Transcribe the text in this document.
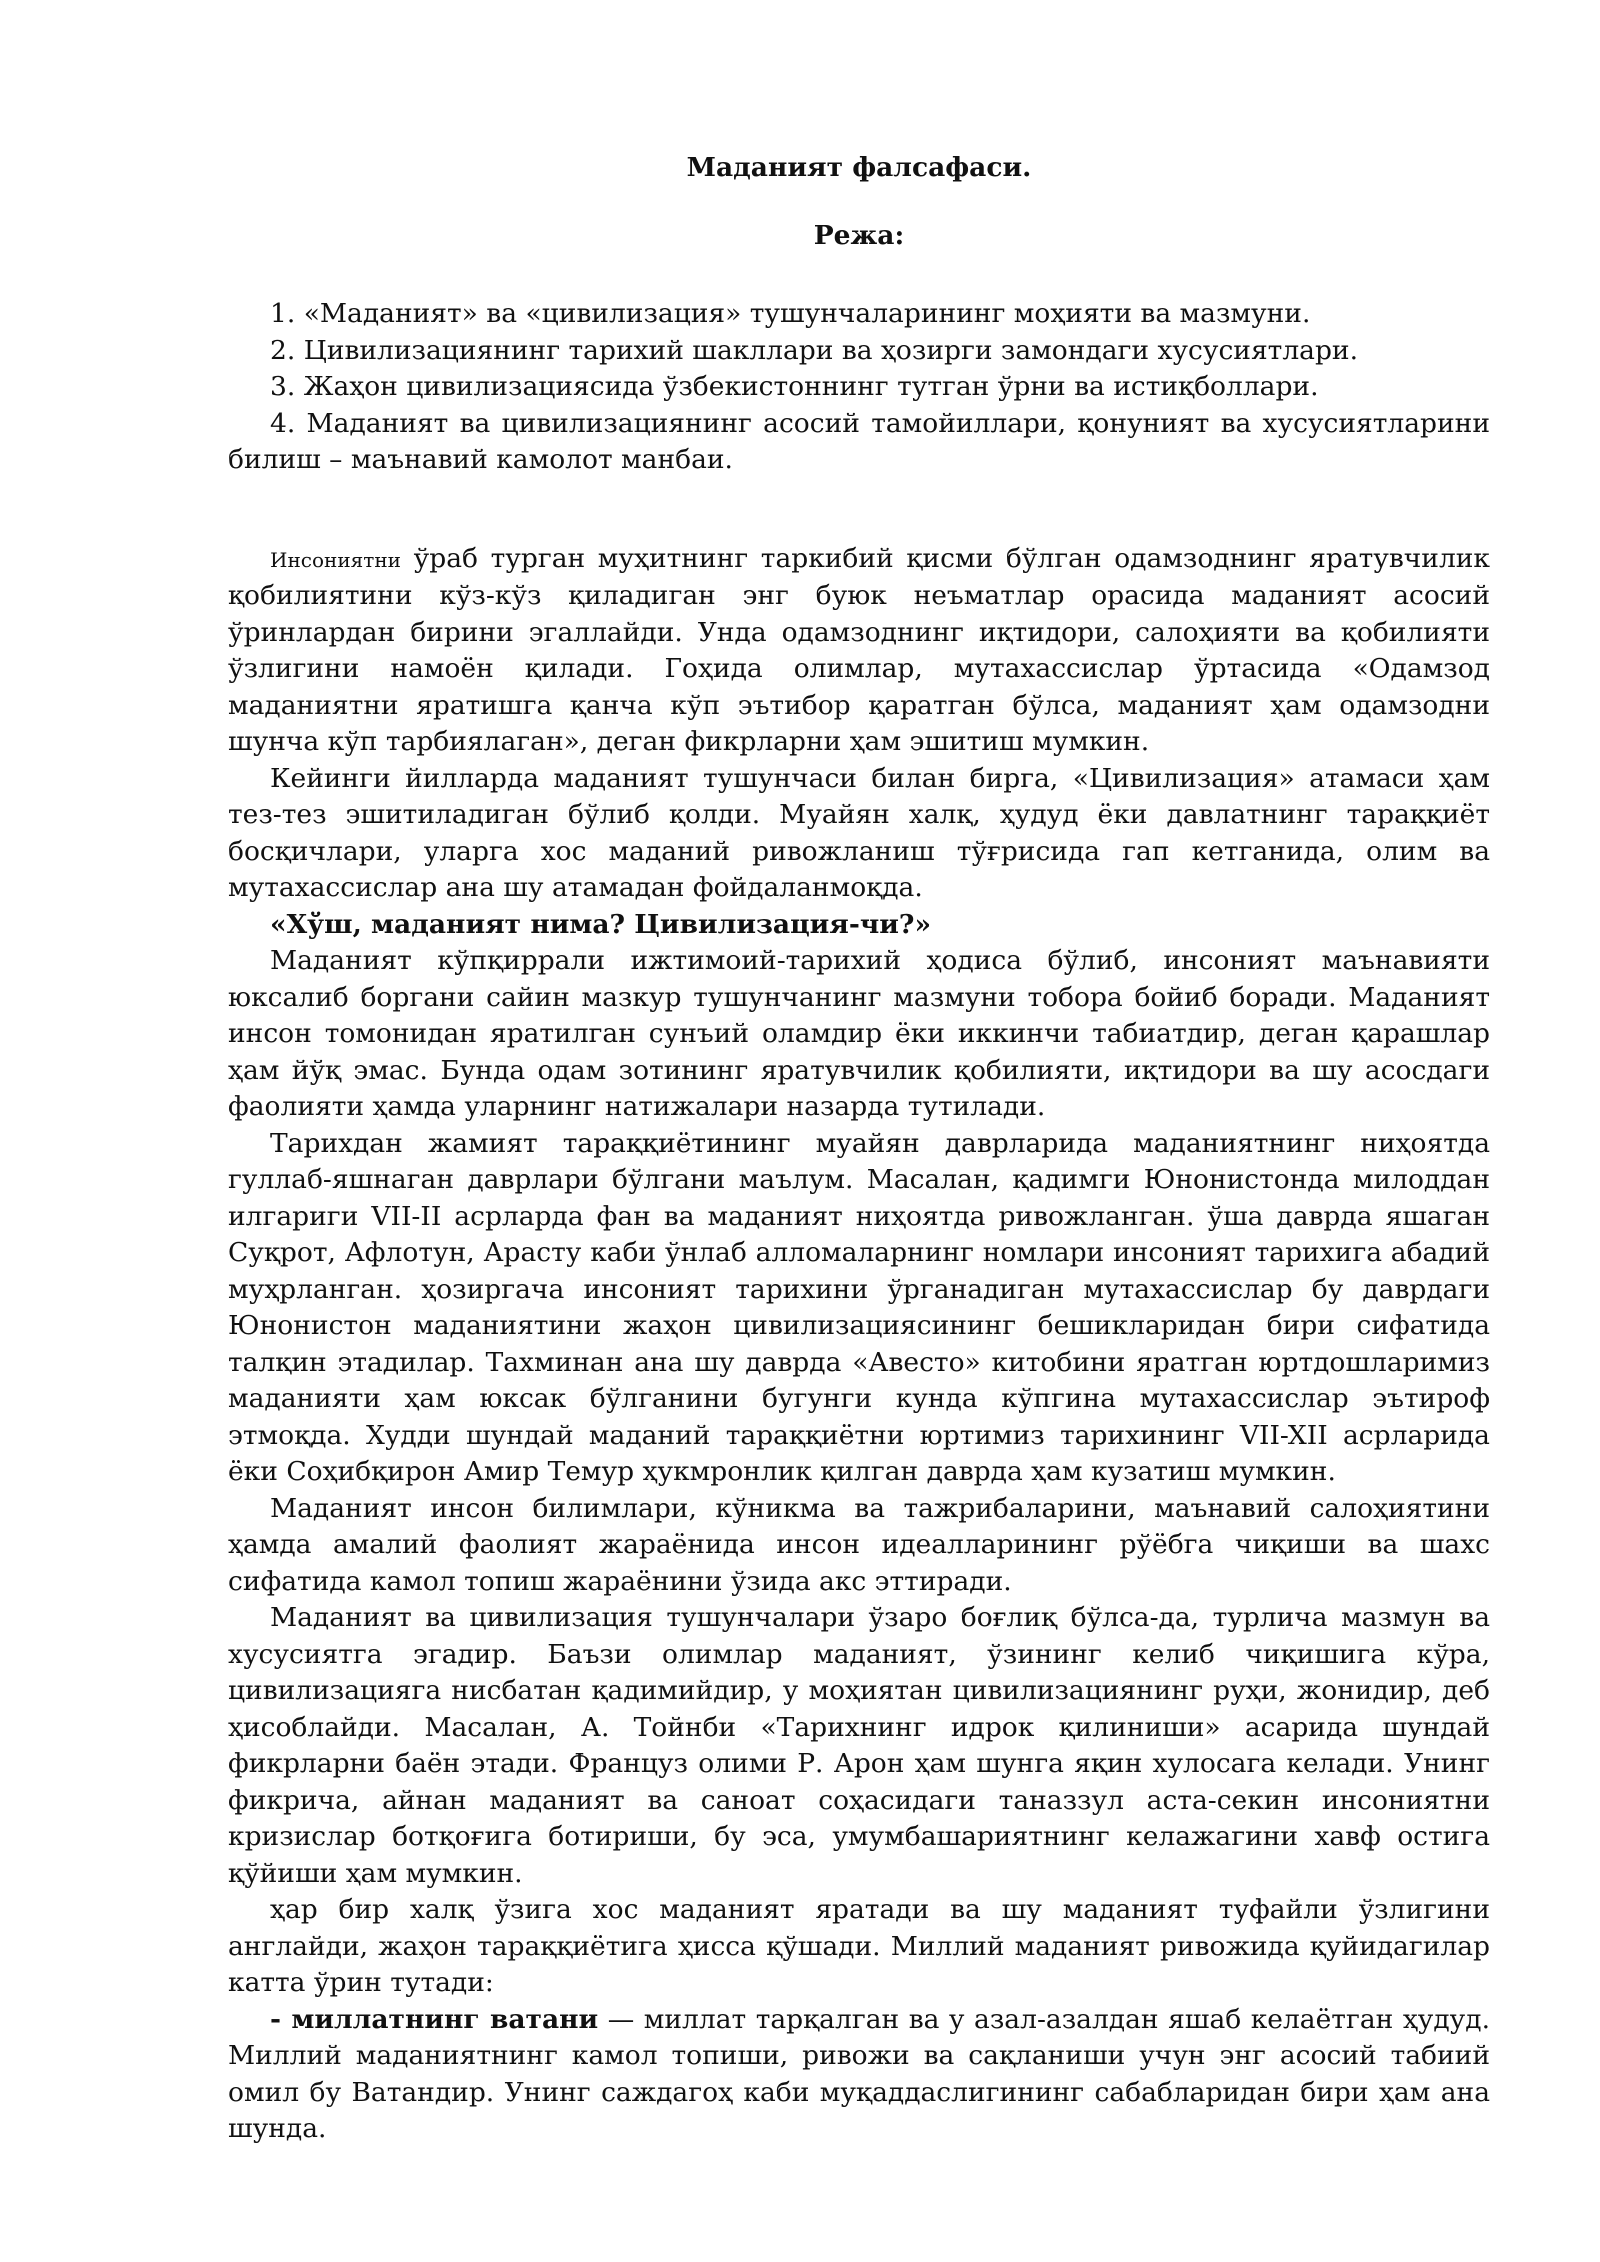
Маданият фалсафаси.
Режа:
1. «Маданият» ва «цивилизация» тушунчаларининг моҳияти ва мазмуни.
2. Цивилизациянинг тарихий шакллари ва ҳозирги замондаги хусусиятлари.
3. Жаҳон цивилизациясида ўзбекистоннинг тутган ўрни ва истиқболлари.
4. Маданият ва цивилизациянинг асосий тамойиллари, қонуният ва хусусиятларини
билиш – маънавий камолот манбаи.

Инсониятни ўраб турган муҳитнинг таркибий қисми бўлган одамзоднинг яратувчилик қобилиятини кўз-кўз қиладиган энг буюк неъматлар орасида маданият асосий ўринлардан бирини эгаллайди. Унда одамзоднинг иқтидори, салоҳияти ва қобилияти ўзлигини намоён қилади. Гоҳида олимлар, мутахассислар ўртасида «Одамзод маданиятни яратишга қанча кўп эътибор қаратган бўлса, маданият ҳам одамзодни шунча кўп тарбиялаган», деган фикрларни ҳам эшитиш мумкин.

Кейинги йилларда маданият тушунчаси билан бирга, «Цивилизация» атамаси ҳам тез-тез эшитиладиган бўлиб қолди. Муайян халқ, ҳудуд ёки давлатнинг тараққиёт босқичлари, уларга хос маданий ривожланиш тўғрисида гап кетганида, олим ва мутахассислар ана шу атамадан фойдаланмоқда.

«Хўш, маданият нима? Цивилизация-чи?»

Маданият кўпқиррали ижтимоий-тарихий ҳодиса бўлиб, инсоният маънавияти юксалиб боргани сайин мазкур тушунчанинг мазмуни тобора бойиб боради. Маданият инсон томонидан яратилган сунъий оламдир ёки иккинчи табиатдир, деган қарашлар ҳам йўқ эмас. Бунда одам зотининг яратувчилик қобилияти, иқтидори ва шу асосдаги фаолияти ҳамда уларнинг натижалари назарда тутилади.

Тарихдан жамият тараққиётининг муайян даврларида маданиятнинг ниҳоятда гуллаб-яшнаган даврлари бўлгани маълум. Масалан, қадимги Юнонистонда милоддан илгариги VII-II асрларда фан ва маданият ниҳоятда ривожланган. ўша даврда яшаган Суқрот, Афлотун, Арасту каби ўнлаб алломаларнинг номлари инсоният тарихига абадий муҳрланган. ҳозиргача инсоният тарихини ўрганадиган мутахассислар бу даврдаги Юнонистон маданиятини жаҳон цивилизациясининг бешикларидан бири сифатида талқин этадилар. Тахминан ана шу даврда «Авесто» китобини яратган юртдошларимиз маданияти ҳам юксак бўлганини бугунги кунда кўпгина мутахассислар эътироф этмоқда. Худди шундай маданий тараққиётни юртимиз тарихининг VII-XII асрларида ёки Соҳибқирон Амир Темур ҳукмронлик қилган даврда ҳам кузатиш мумкин.

Маданият инсон билимлари, кўникма ва тажрибаларини, маънавий салоҳиятини ҳамда амалий фаолият жараёнида инсон идеалларининг рўёбга чиқиши ва шахс сифатида камол топиш жараёнини ўзида акс эттиради.

Маданият ва цивилизация тушунчалари ўзаро боғлиқ бўлса-да, турлича мазмун ва хусусиятга эгадир. Баъзи олимлар маданият, ўзининг келиб чиқишига кўра, цивилизацияга нисбатан қадимийдир, у моҳиятан цивилизациянинг руҳи, жонидир, деб ҳисоблайди. Масалан, А. Тойнби «Тарихнинг идрок қилиниши» асарида шундай фикрларни баён этади. Француз олими Р. Арон ҳам шунга яқин хулосага келади. Унинг фикрича, айнан маданият ва саноат соҳасидаги таназзул аста-секин инсониятни кризислар ботқоғига ботириши, бу эса, умумбашариятнинг келажагини хавф остига қўйиши ҳам мумкин.

ҳар бир халқ ўзига хос маданият яратади ва шу маданият туфайли ўзлигини англайди, жаҳон тараққиётига ҳисса қўшади. Миллий маданият ривожида қуйидагилар катта ўрин тутади:

- миллатнинг ватани — миллат тарқалган ва у азал-азалдан яшаб келаётган ҳудуд. Миллий маданиятнинг камол топиши, ривожи ва сақланиши учун энг асосий табиий омил бу Ватандир. Унинг саждагоҳ каби муқаддаслигининг сабабларидан бири ҳам ана шунда.
